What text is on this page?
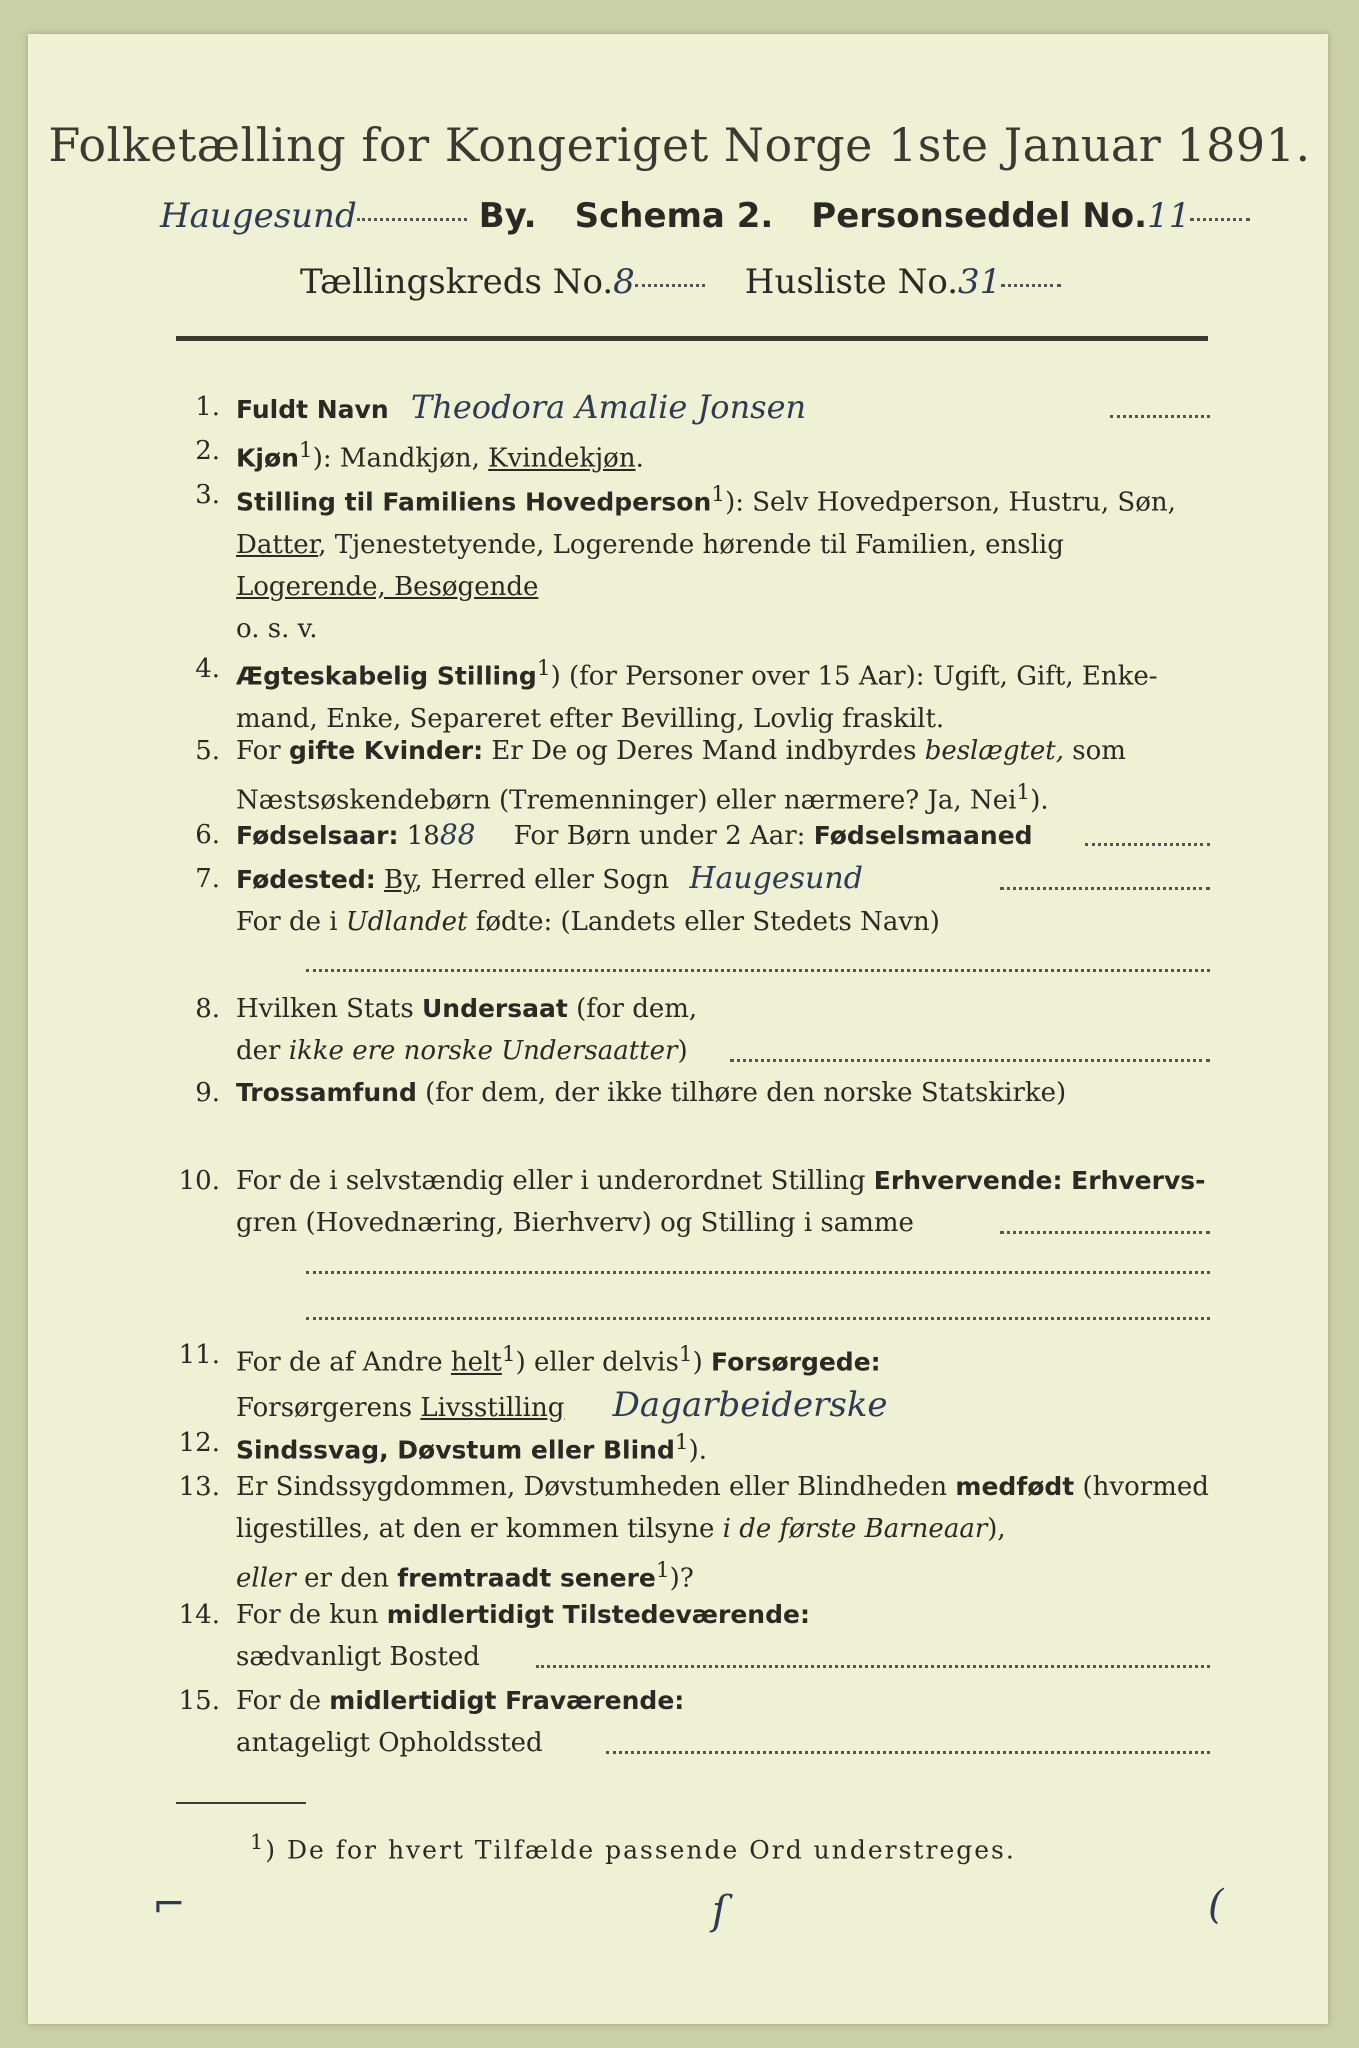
Folketælling for Kongeriget Norge 1ste Januar 1891.
Haugesund	By. Schema 2. Personseddel No. 11
Tællingskreds No. 8	Husliste No. 31
1. Fuldt Navn Theodora Amalie Jonsen
2. Kjøn$^1$): Mandkjøn, Kvindekjøn.
3. Stilling til Familiens Hovedperson$^1$): Selv Hovedperson, Hustru, Søn,
Datter, Tjenestetyende, Logerende hørende til Familien, enslig
Logerende, Besøgende
o. s. v.
4. Ægteskabelig Stilling$^1$) (for Personer over 15 Aar): Ugift, Gift, Enke-
mand, Enke, Separeret efter Bevilling, Lovlig fraskilt.
5. For gifte Kvinder: Er De og Deres Mand indbyrdes beslægtet, som
Næstsøskendebørn (Tremenninger) eller nærmere? Ja, Nei$^1$).
6. Fødselsaar: 1888 For Børn under 2 Aar: Fødselsmaaned
7. Fødested: By, Herred eller Sogn Haugesund
For de i Udlandet fødte: (Landets eller Stedets Navn)
8. Hvilken Stats Undersaat (for dem,
der ikke ere norske Undersaatter)
9. Trossamfund (for dem, der ikke tilhøre den norske Statskirke)
10. For de i selvstændig eller i underordnet Stilling Erhvervende: Erhvervs-
gren (Hovednæring, Bierhverv) og Stilling i samme
11. For de af Andre helt$^1$) eller delvis$^1$) Forsørgede:
Forsørgerens Livsstilling Dagarbeiderske
12. Sindssvag, Døvstum eller Blind$^1$).
13. Er Sindssygdommen, Døvstumheden eller Blindheden medfødt (hvormed
ligestilles, at den er kommen tilsyne i de første Barneaar),
eller er den fremtraadt senere$^1$)?
14. For de kun midlertidigt Tilstedeværende:
sædvanligt Bosted
15. For de midlertidigt Fraværende:
antageligt Opholdssted
$^1$) De for hvert Tilfælde passende Ord understreges.
⌐	ſ	(
